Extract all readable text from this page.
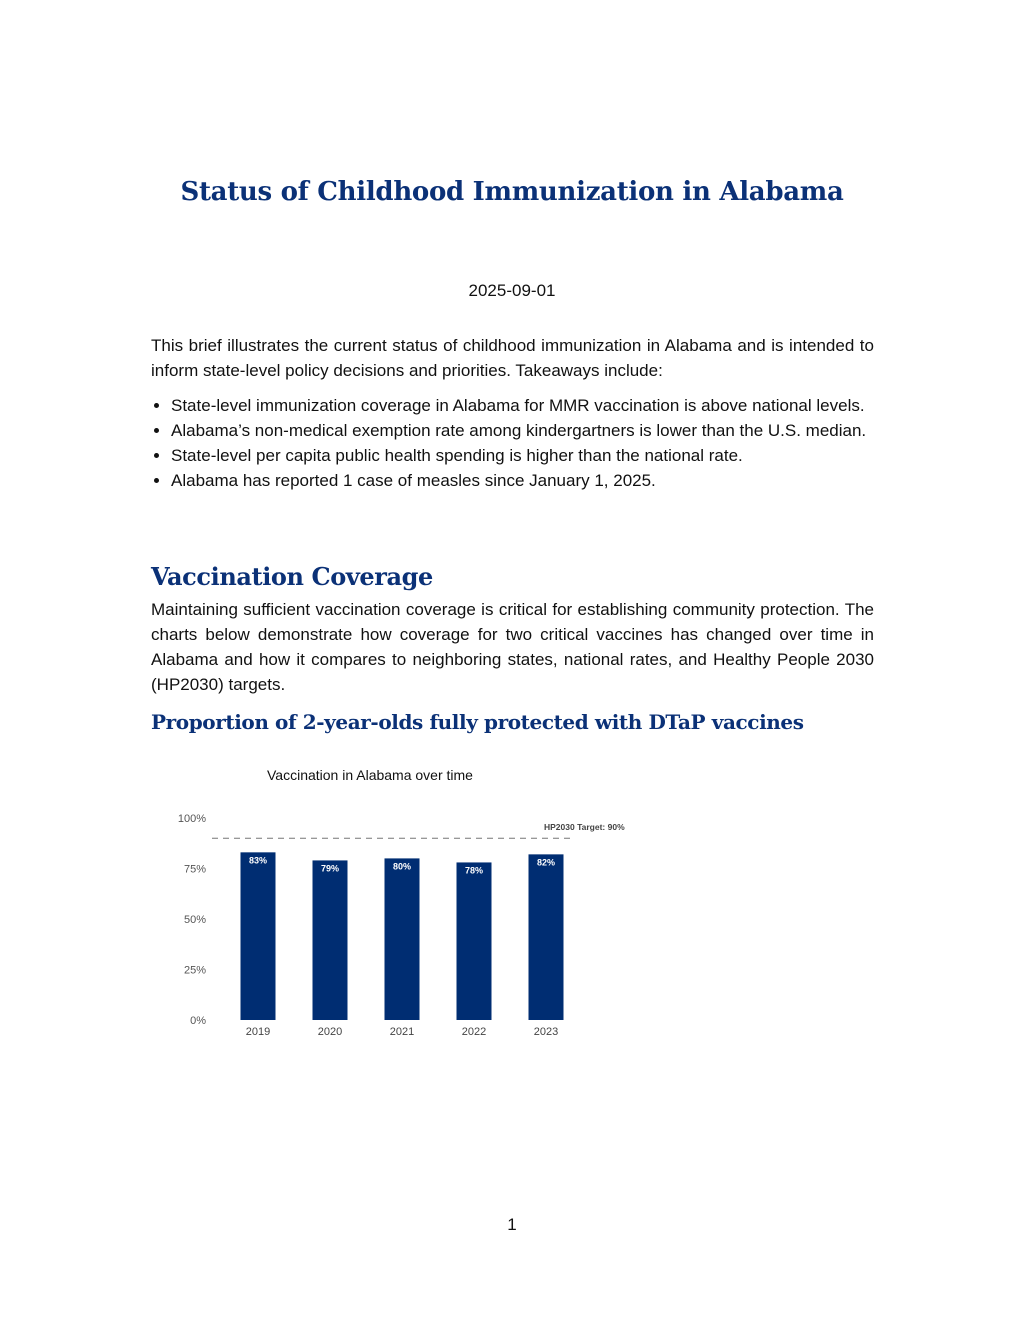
Status of Childhood Immunization in Alabama
2025-09-01

This brief illustrates the current status of childhood immunization in Alabama and is intended to inform state-level policy decisions and priorities. Takeaways include:

• State-level immunization coverage in Alabama for MMR vaccination is above national levels.
• Alabama’s non-medical exemption rate among kindergartners is lower than the U.S. median.
• State-level per capita public health spending is higher than the national rate.
• Alabama has reported 1 case of measles since January 1, 2025.
Vaccination Coverage

Maintaining sufficient vaccination coverage is critical for establishing community protection. The charts below demonstrate how coverage for two critical vaccines has changed over time in Alabama and how it compares to neighboring states, national rates, and Healthy People 2030 (HP2030) targets.

Proportion of 2-year-olds fully protected with DTaP vaccines
Vaccination in Alabama over time
0%
25%
50%
75%
100%
83%
79%	80%	78%
82%
2019	2020	2021	2022	2023
HP2030 Target: 90%
1
